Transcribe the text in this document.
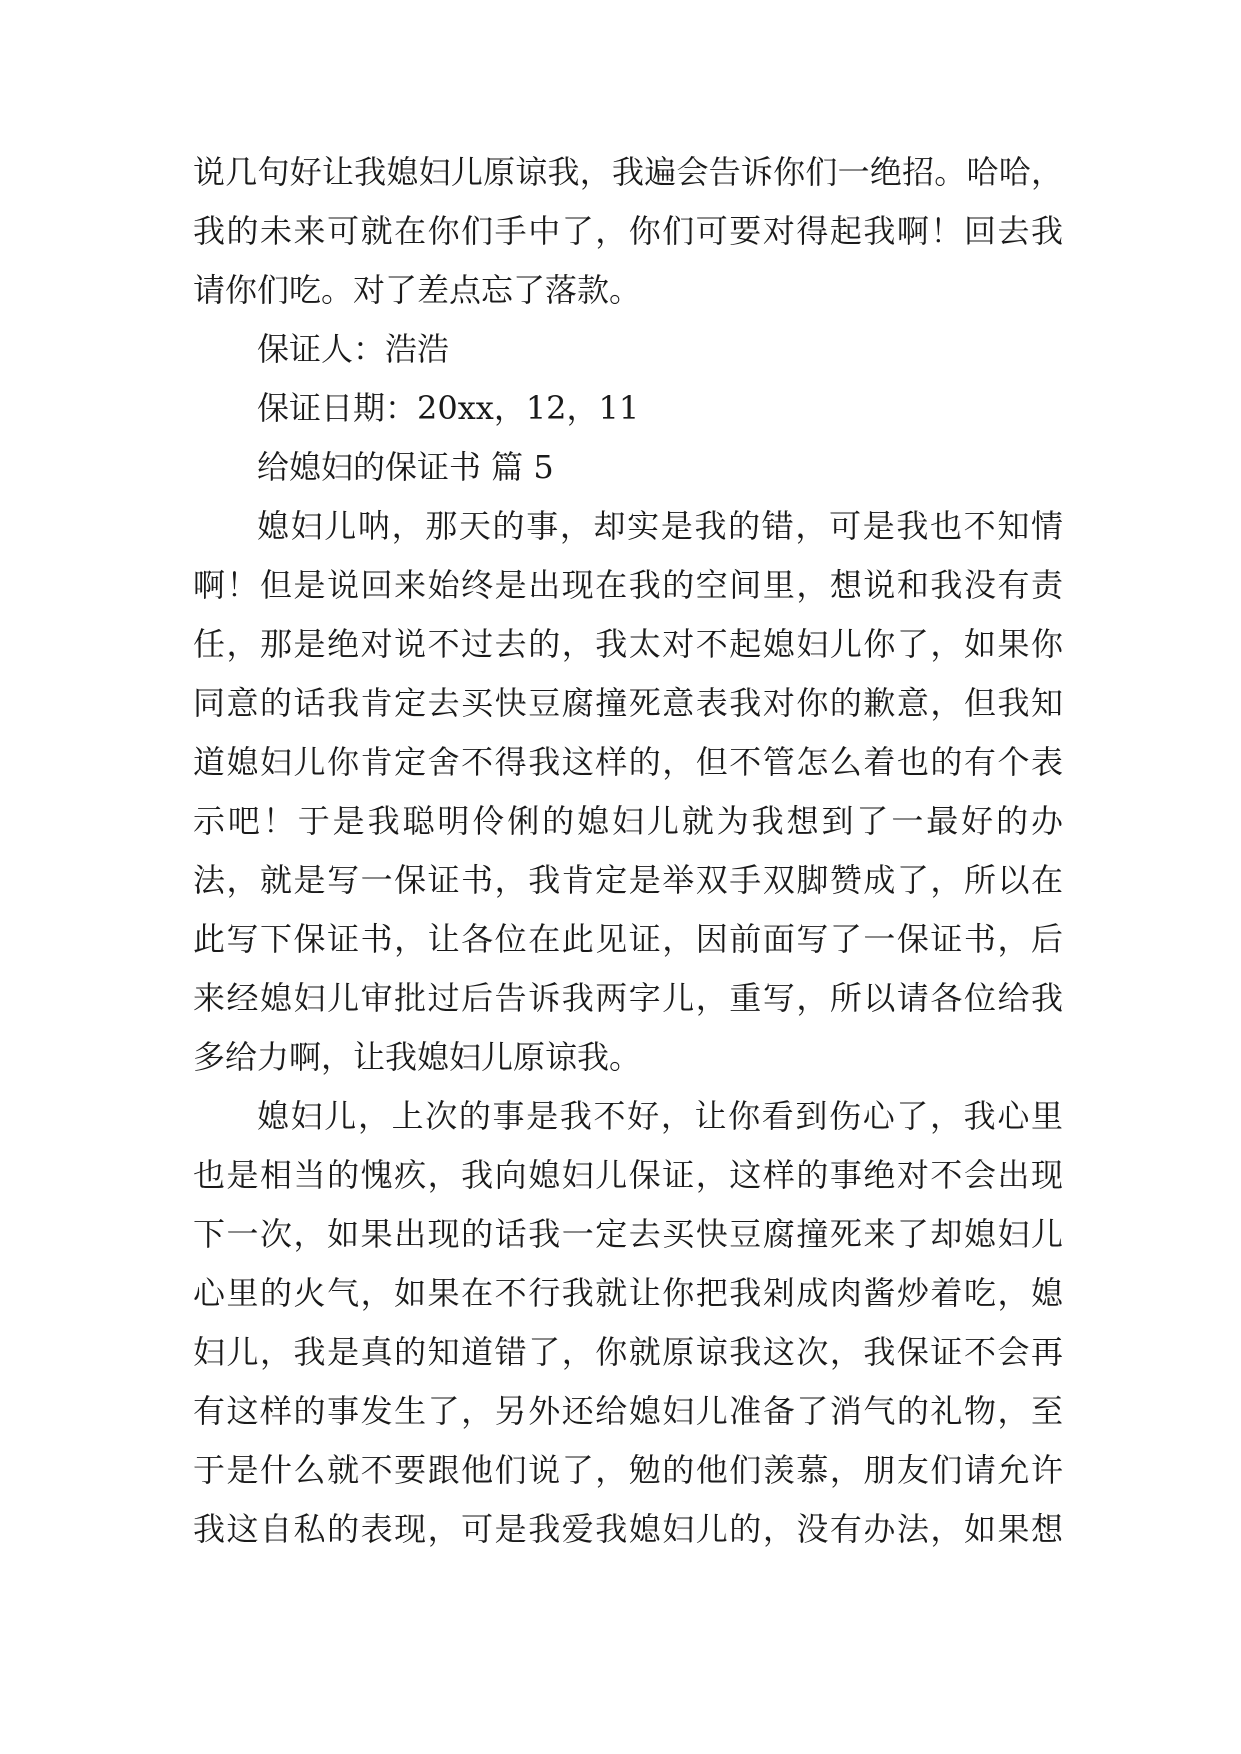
说几句好让我媳妇儿原谅我，我遍会告诉你们一绝招。哈哈，
我的未来可就在你们手中了，你们可要对得起我啊！回去我
请你们吃。对了差点忘了落款。
保证人：浩浩
保证日期：20xx，12，11
给媳妇的保证书 篇 5
媳妇儿呐，那天的事，却实是我的错，可是我也不知情
啊！但是说回来始终是出现在我的空间里，想说和我没有责
任，那是绝对说不过去的，我太对不起媳妇儿你了，如果你
同意的话我肯定去买快豆腐撞死意表我对你的歉意，但我知
道媳妇儿你肯定舍不得我这样的，但不管怎么着也的有个表
示吧！于是我聪明伶俐的媳妇儿就为我想到了一最好的办
法，就是写一保证书，我肯定是举双手双脚赞成了，所以在
此写下保证书，让各位在此见证，因前面写了一保证书，后
来经媳妇儿审批过后告诉我两字儿，重写，所以请各位给我
多给力啊，让我媳妇儿原谅我。
媳妇儿，上次的事是我不好，让你看到伤心了，我心里
也是相当的愧疚，我向媳妇儿保证，这样的事绝对不会出现
下一次，如果出现的话我一定去买快豆腐撞死来了却媳妇儿
心里的火气，如果在不行我就让你把我剁成肉酱炒着吃，媳
妇儿，我是真的知道错了，你就原谅我这次，我保证不会再
有这样的事发生了，另外还给媳妇儿准备了消气的礼物，至
于是什么就不要跟他们说了，勉的他们羡慕，朋友们请允许
我这自私的表现，可是我爱我媳妇儿的，没有办法，如果想
